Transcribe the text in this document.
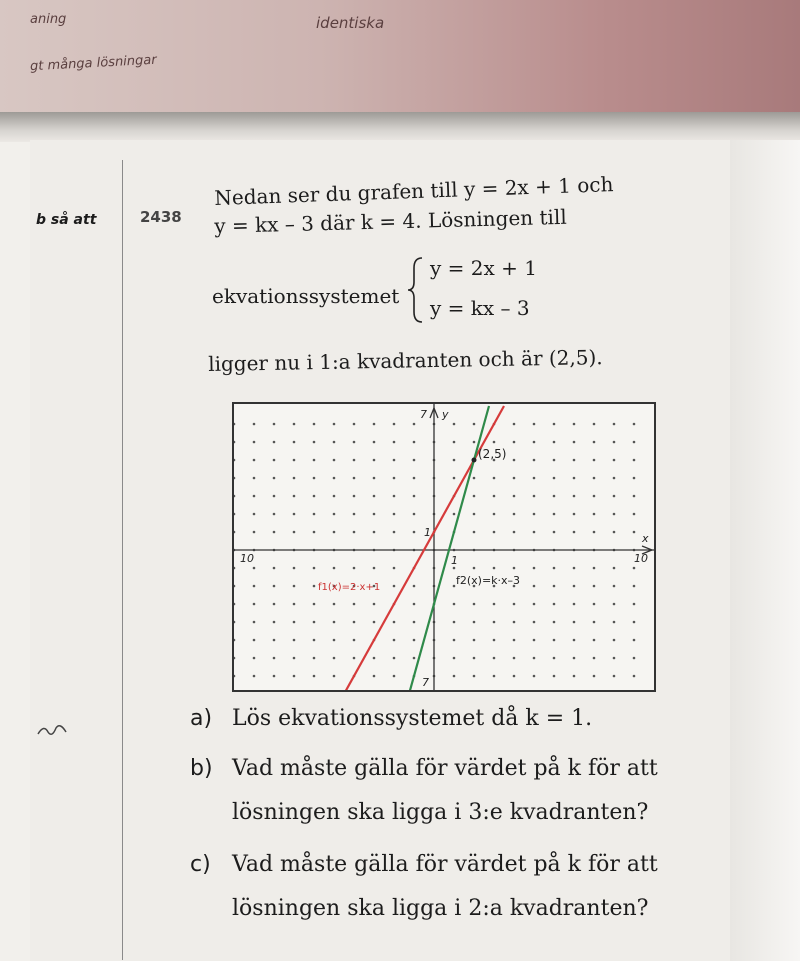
aning
gt många lösningar
identiska
b så att	2438
Nedan ser du grafen till y = 2x + 1 och
y = kx – 3 där k = 4. Lösningen till
ekvationssystemet
y = 2x + 1
y = kx – 3
ligger nu i 1:a kvadranten och är (2,5).
10	10
7
7
1
1
y
x
f1(x)=2·x+1
f2(x)=k·x–3
(2,5)
a) Lös ekvationssystemet då k = 1.
b) Vad måste gälla för värdet på k för att
lösningen ska ligga i 3:e kvadranten?
c) Vad måste gälla för värdet på k för att
lösningen ska ligga i 2:a kvadranten?
